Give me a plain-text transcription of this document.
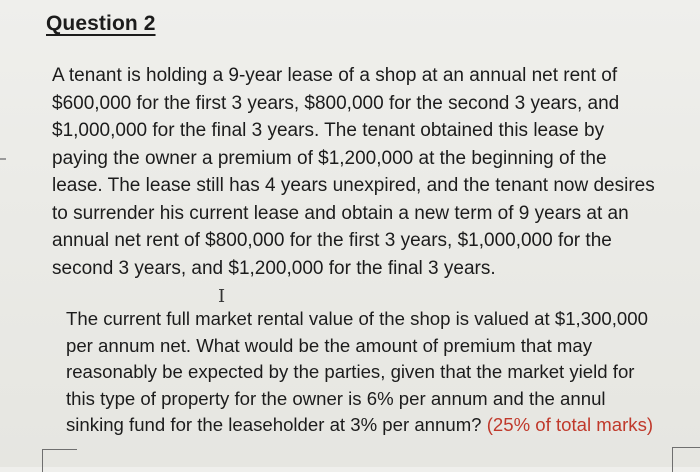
Question 2
A tenant is holding a 9-year lease of a shop at an annual net rent of
$600,000 for the first 3 years, $800,000 for the second 3 years, and
$1,000,000 for the final 3 years. The tenant obtained this lease by
paying the owner a premium of $1,200,000 at the beginning of the
lease. The lease still has 4 years unexpired, and the tenant now desires
to surrender his current lease and obtain a new term of 9 years at an
annual net rent of $800,000 for the first 3 years, $1,000,000 for the
second 3 years, and $1,200,000 for the final 3 years.
I
The current full market rental value of the shop is valued at $1,300,000
per annum net. What would be the amount of premium that may
reasonably be expected by the parties, given that the market yield for
this type of property for the owner is 6% per annum and the annul
sinking fund for the leaseholder at 3% per annum? (25% of total marks)
